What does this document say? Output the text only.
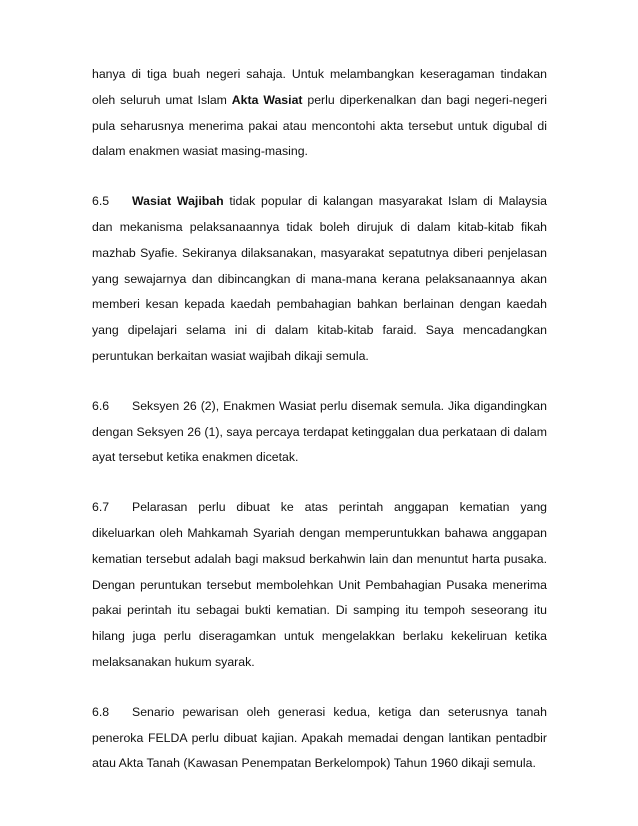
hanya di tiga buah negeri sahaja. Untuk melambangkan keseragaman tindakan oleh seluruh umat Islam Akta Wasiat perlu diperkenalkan dan bagi negeri-negeri pula seharusnya menerima pakai atau mencontohi akta tersebut untuk digubal di dalam enakmen wasiat masing-masing.

6.5 Wasiat Wajibah tidak popular di kalangan masyarakat Islam di Malaysia dan mekanisma pelaksanaannya tidak boleh dirujuk di dalam kitab-kitab fikah mazhab Syafie. Sekiranya dilaksanakan, masyarakat sepatutnya diberi penjelasan yang sewajarnya dan dibincangkan di mana-mana kerana pelaksanaannya akan memberi kesan kepada kaedah pembahagian bahkan berlainan dengan kaedah yang dipelajari selama ini di dalam kitab-kitab faraid. Saya mencadangkan peruntukan berkaitan wasiat wajibah dikaji semula.

6.6 Seksyen 26 (2), Enakmen Wasiat perlu disemak semula. Jika digandingkan dengan Seksyen 26 (1), saya percaya terdapat ketinggalan dua perkataan di dalam ayat tersebut ketika enakmen dicetak.

6.7 Pelarasan perlu dibuat ke atas perintah anggapan kematian yang dikeluarkan oleh Mahkamah Syariah dengan memperuntukkan bahawa anggapan kematian tersebut adalah bagi maksud berkahwin lain dan menuntut harta pusaka. Dengan peruntukan tersebut membolehkan Unit Pembahagian Pusaka menerima pakai perintah itu sebagai bukti kematian. Di samping itu tempoh seseorang itu hilang juga perlu diseragamkan untuk mengelakkan berlaku kekeliruan ketika melaksanakan hukum syarak.

6.8 Senario pewarisan oleh generasi kedua, ketiga dan seterusnya tanah peneroka FELDA perlu dibuat kajian. Apakah memadai dengan lantikan pentadbir atau Akta Tanah (Kawasan Penempatan Berkelompok) Tahun 1960 dikaji semula.
